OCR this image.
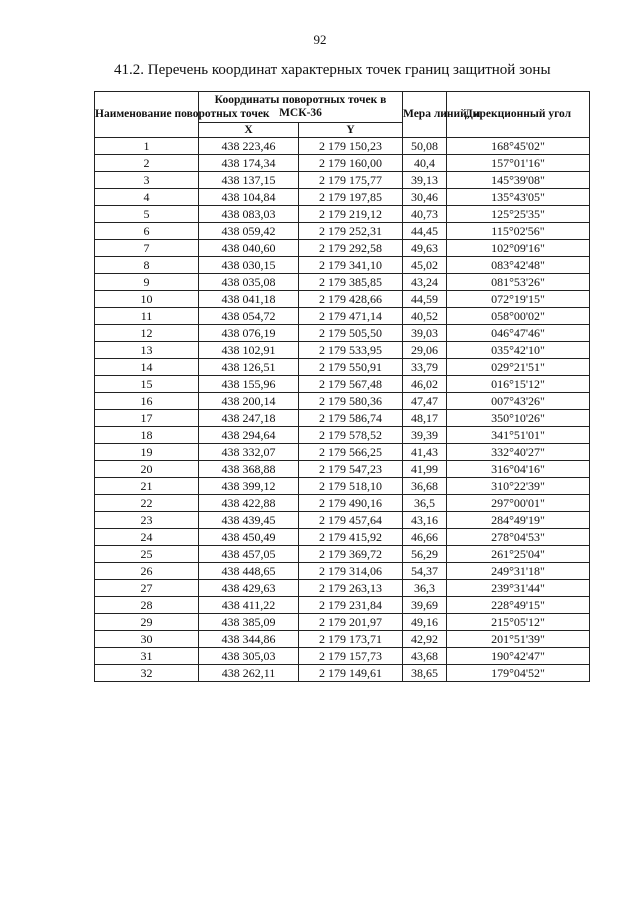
92
41.2. Перечень координат характерных точек границ защитной зоны
Наименование поворотных точек	Координаты поворотных точек в МСК-36		Мера линий, м	Дирекционный угол
	X	Y		
1	438 223,46	2 179 150,23	50,08	168°45'02"
2	438 174,34	2 179 160,00	40,4	157°01'16"
3	438 137,15	2 179 175,77	39,13	145°39'08"
4	438 104,84	2 179 197,85	30,46	135°43'05"
5	438 083,03	2 179 219,12	40,73	125°25'35"
6	438 059,42	2 179 252,31	44,45	115°02'56"
7	438 040,60	2 179 292,58	49,63	102°09'16"
8	438 030,15	2 179 341,10	45,02	083°42'48"
9	438 035,08	2 179 385,85	43,24	081°53'26"
10	438 041,18	2 179 428,66	44,59	072°19'15"
11	438 054,72	2 179 471,14	40,52	058°00'02"
12	438 076,19	2 179 505,50	39,03	046°47'46"
13	438 102,91	2 179 533,95	29,06	035°42'10"
14	438 126,51	2 179 550,91	33,79	029°21'51"
15	438 155,96	2 179 567,48	46,02	016°15'12"
16	438 200,14	2 179 580,36	47,47	007°43'26"
17	438 247,18	2 179 586,74	48,17	350°10'26"
18	438 294,64	2 179 578,52	39,39	341°51'01"
19	438 332,07	2 179 566,25	41,43	332°40'27"
20	438 368,88	2 179 547,23	41,99	316°04'16"
21	438 399,12	2 179 518,10	36,68	310°22'39"
22	438 422,88	2 179 490,16	36,5	297°00'01"
23	438 439,45	2 179 457,64	43,16	284°49'19"
24	438 450,49	2 179 415,92	46,66	278°04'53"
25	438 457,05	2 179 369,72	56,29	261°25'04"
26	438 448,65	2 179 314,06	54,37	249°31'18"
27	438 429,63	2 179 263,13	36,3	239°31'44"
28	438 411,22	2 179 231,84	39,69	228°49'15"
29	438 385,09	2 179 201,97	49,16	215°05'12"
30	438 344,86	2 179 173,71	42,92	201°51'39"
31	438 305,03	2 179 157,73	43,68	190°42'47"
32	438 262,11	2 179 149,61	38,65	179°04'52"
